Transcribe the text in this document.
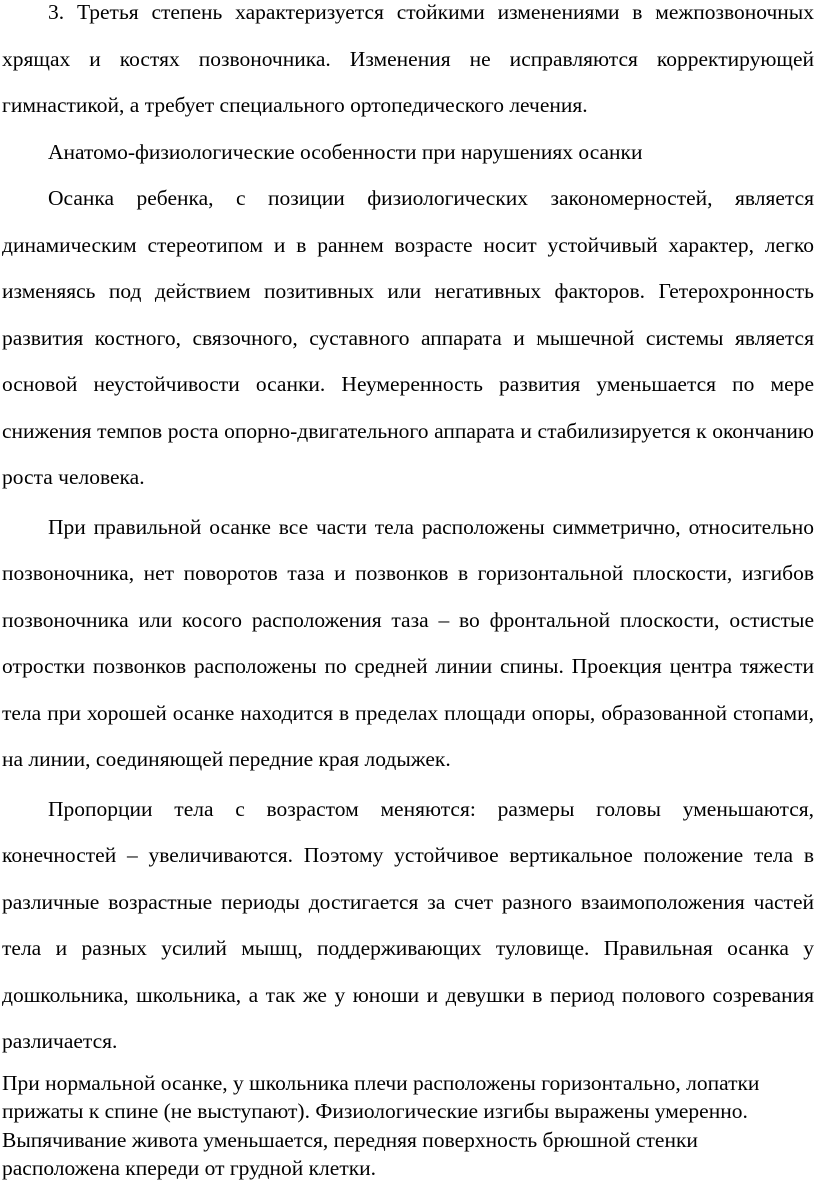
3. Третья степень характеризуется стойкими изменениями в межпозвоночных хрящах и костях позвоночника. Изменения не исправляются корректирующей гимнастикой, а требует специального ортопедического лечения.

Анатомо-физиологические особенности при нарушениях осанки

Осанка ребенка, с позиции физиологических закономерностей, является динамическим стереотипом и в раннем возрасте носит устойчивый характер, легко изменяясь под действием позитивных или негативных факторов. Гетерохронность развития костного, связочного, суставного аппарата и мышечной системы является основой неустойчивости осанки. Неумеренность развития уменьшается по мере снижения темпов роста опорно-двигательного аппарата и стабилизируется к окончанию роста человека.

При правильной осанке все части тела расположены симметрично, относительно позвоночника, нет поворотов таза и позвонков в горизонтальной плоскости, изгибов позвоночника или косого расположения таза – во фронтальной плоскости, остистые отростки позвонков расположены по средней линии спины. Проекция центра тяжести тела при хорошей осанке находится в пределах площади опоры, образованной стопами, на линии, соединяющей передние края лодыжек.

Пропорции тела с возрастом меняются: размеры головы уменьшаются, конечностей – увеличиваются. Поэтому устойчивое вертикальное положение тела в различные возрастные периоды достигается за счет разного взаимоположения частей тела и разных усилий мышц, поддерживающих туловище. Правильная осанка у дошкольника, школьника, а так же у юноши и девушки в период полового созревания различается.

При нормальной осанке, у школьника плечи расположены горизонтально, лопатки прижаты к спине (не выступают). Физиологические изгибы выражены умеренно. Выпячивание живота уменьшается, передняя поверхность брюшной стенки расположена кпереди от грудной клетки.
